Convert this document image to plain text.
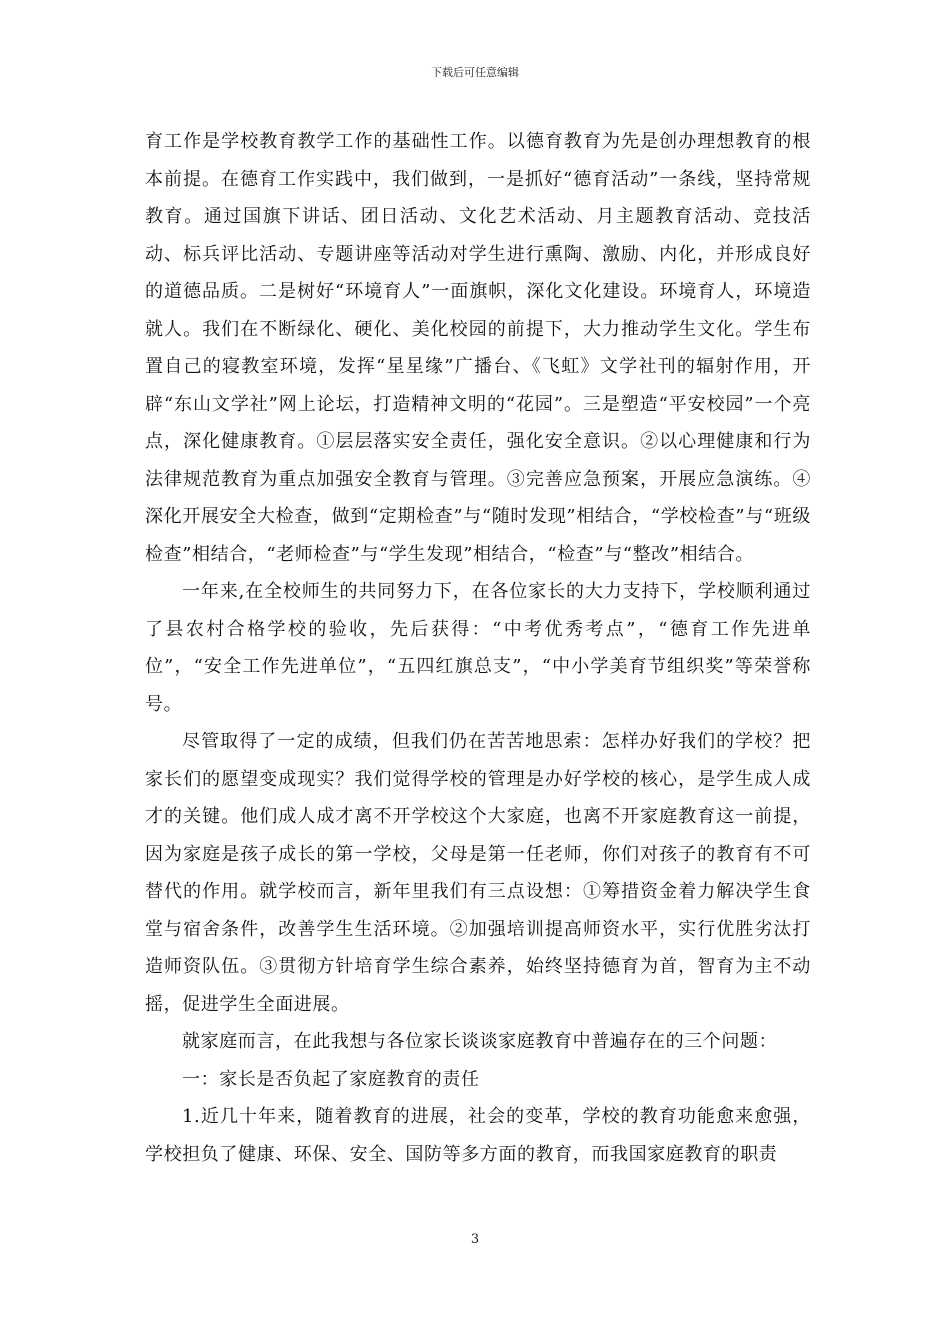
下载后可任意编辑

育工作是学校教育教学工作的基础性工作。以德育教育为先是创办理想教育的根本前提。在德育工作实践中，我们做到，一是抓好“德育活动”一条线，坚持常规教育。通过国旗下讲话、团日活动、文化艺术活动、月主题教育活动、竞技活动、标兵评比活动、专题讲座等活动对学生进行熏陶、激励、内化，并形成良好的道德品质。二是树好“环境育人”一面旗帜，深化文化建设。环境育人，环境造就人。我们在不断绿化、硬化、美化校园的前提下，大力推动学生文化。学生布置自己的寝教室环境，发挥“星星缘”广播台、《飞虹》文学社刊的辐射作用，开辟“东山文学社”网上论坛，打造精神文明的“花园”。三是塑造“平安校园”一个亮点，深化健康教育。①层层落实安全责任，强化安全意识。②以心理健康和行为法律规范教育为重点加强安全教育与管理。③完善应急预案，开展应急演练。④深化开展安全大检查，做到“定期检查”与“随时发现”相结合，“学校检查”与“班级检查”相结合，“老师检查”与“学生发现”相结合，“检查”与“整改”相结合。

一年来,在全校师生的共同努力下，在各位家长的大力支持下，学校顺利通过了县农村合格学校的验收，先后获得：“中考优秀考点”，“德育工作先进单位”，“安全工作先进单位”，“五四红旗总支”，“中小学美育节组织奖”等荣誉称号。

尽管取得了一定的成绩，但我们仍在苦苦地思索：怎样办好我们的学校？把家长们的愿望变成现实？我们觉得学校的管理是办好学校的核心，是学生成人成才的关键。他们成人成才离不开学校这个大家庭，也离不开家庭教育这一前提，因为家庭是孩子成长的第一学校，父母是第一任老师，你们对孩子的教育有不可替代的作用。就学校而言，新年里我们有三点设想：①筹措资金着力解决学生食堂与宿舍条件，改善学生生活环境。②加强培训提高师资水平，实行优胜劣汰打造师资队伍。③贯彻方针培育学生综合素养，始终坚持德育为首，智育为主不动摇，促进学生全面进展。

就家庭而言，在此我想与各位家长谈谈家庭教育中普遍存在的三个问题：

一：家长是否负起了家庭教育的责任

1.近几十年来，随着教育的进展，社会的变革，学校的教育功能愈来愈强，学校担负了健康、环保、安全、国防等多方面的教育，而我国家庭教育的职责

3
